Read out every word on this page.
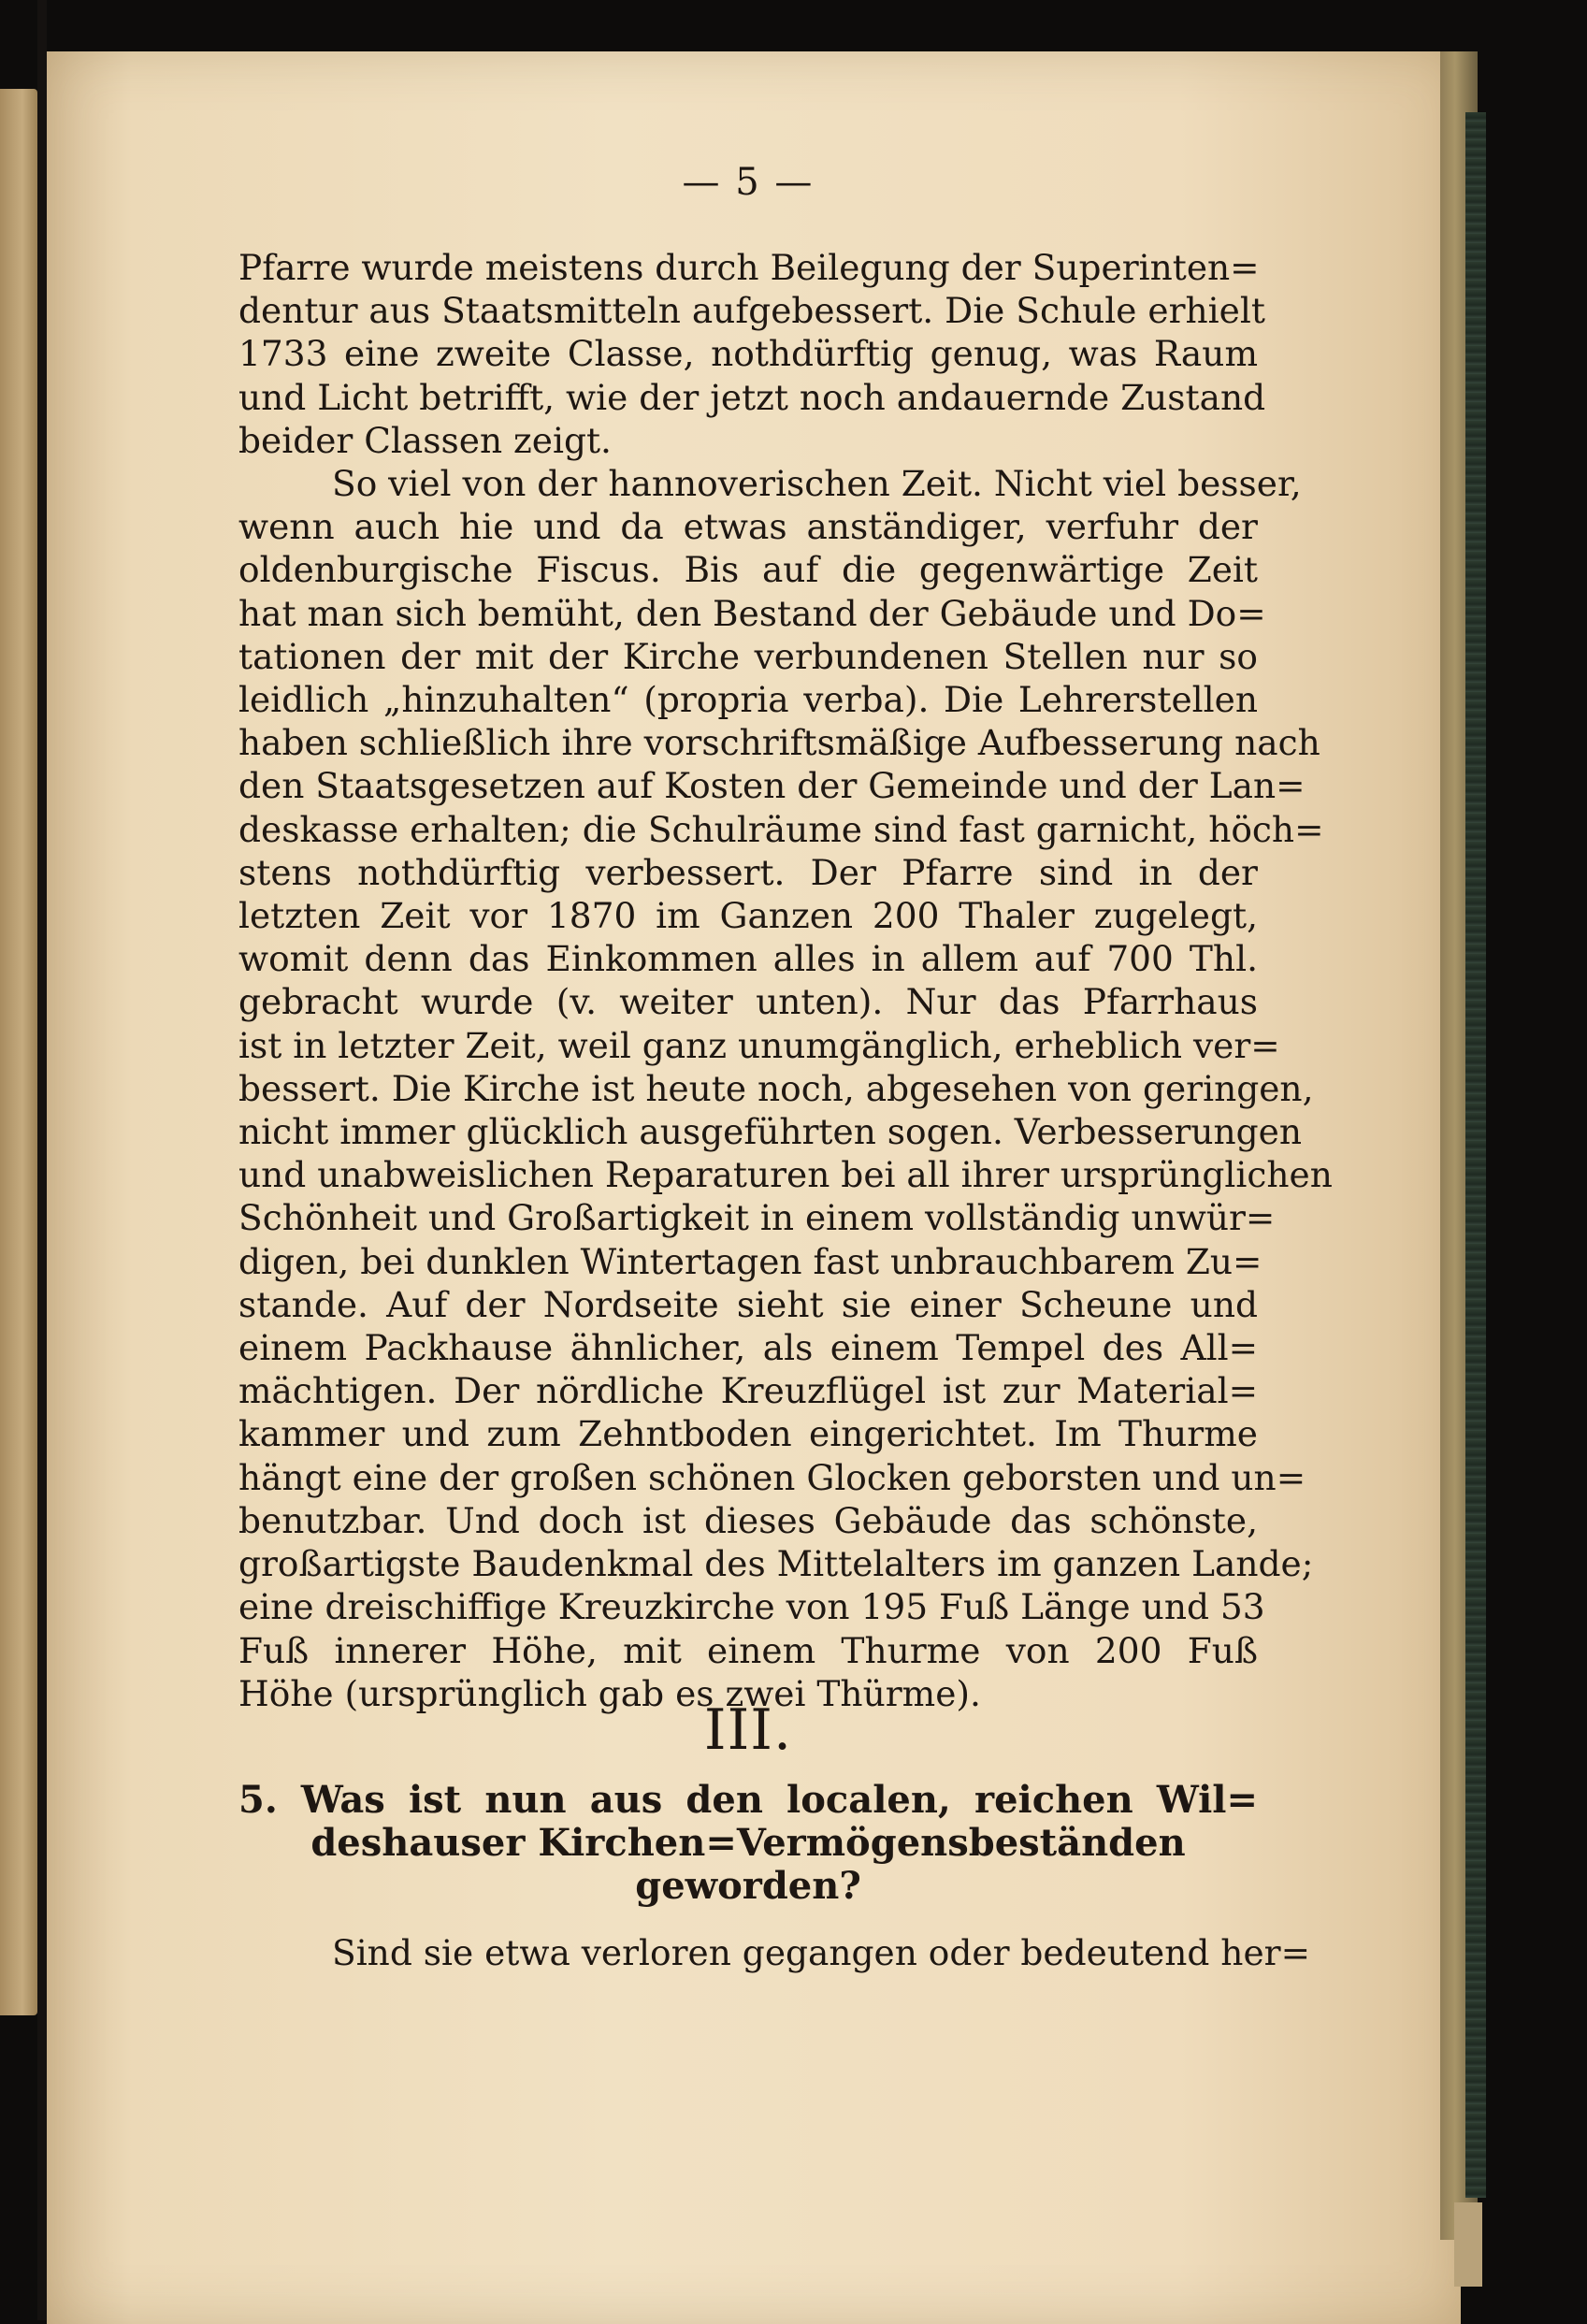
— 5 —
Pfarre wurde meistens durch Beilegung der Superinten=
dentur aus Staatsmitteln aufgebessert. Die Schule erhielt
1733 eine zweite Classe, nothdürftig genug, was Raum
und Licht betrifft, wie der jetzt noch andauernde Zustand
beider Classen zeigt.
So viel von der hannoverischen Zeit. Nicht viel besser,
wenn auch hie und da etwas anständiger, verfuhr der
oldenburgische Fiscus. Bis auf die gegenwärtige Zeit
hat man sich bemüht, den Bestand der Gebäude und Do=
tationen der mit der Kirche verbundenen Stellen nur so
leidlich „hinzuhalten“ (propria verba). Die Lehrerstellen
haben schließlich ihre vorschriftsmäßige Aufbesserung nach
den Staatsgesetzen auf Kosten der Gemeinde und der Lan=
deskasse erhalten; die Schulräume sind fast garnicht, höch=
stens nothdürftig verbessert. Der Pfarre sind in der
letzten Zeit vor 1870 im Ganzen 200 Thaler zugelegt,
womit denn das Einkommen alles in allem auf 700 Thl.
gebracht wurde (v. weiter unten). Nur das Pfarrhaus
ist in letzter Zeit, weil ganz unumgänglich, erheblich ver=
bessert. Die Kirche ist heute noch, abgesehen von geringen,
nicht immer glücklich ausgeführten sogen. Verbesserungen
und unabweislichen Reparaturen bei all ihrer ursprünglichen
Schönheit und Großartigkeit in einem vollständig unwür=
digen, bei dunklen Wintertagen fast unbrauchbarem Zu=
stande. Auf der Nordseite sieht sie einer Scheune und
einem Packhause ähnlicher, als einem Tempel des All=
mächtigen. Der nördliche Kreuzflügel ist zur Material=
kammer und zum Zehntboden eingerichtet. Im Thurme
hängt eine der großen schönen Glocken geborsten und un=
benutzbar. Und doch ist dieses Gebäude das schönste,
großartigste Baudenkmal des Mittelalters im ganzen Lande;
eine dreischiffige Kreuzkirche von 195 Fuß Länge und 53
Fuß innerer Höhe, mit einem Thurme von 200 Fuß
Höhe (ursprünglich gab es zwei Thürme).
III.
5. Was ist nun aus den localen, reichen Wil=
deshauser Kirchen=Vermögensbeständen
geworden?
Sind sie etwa verloren gegangen oder bedeutend her=
